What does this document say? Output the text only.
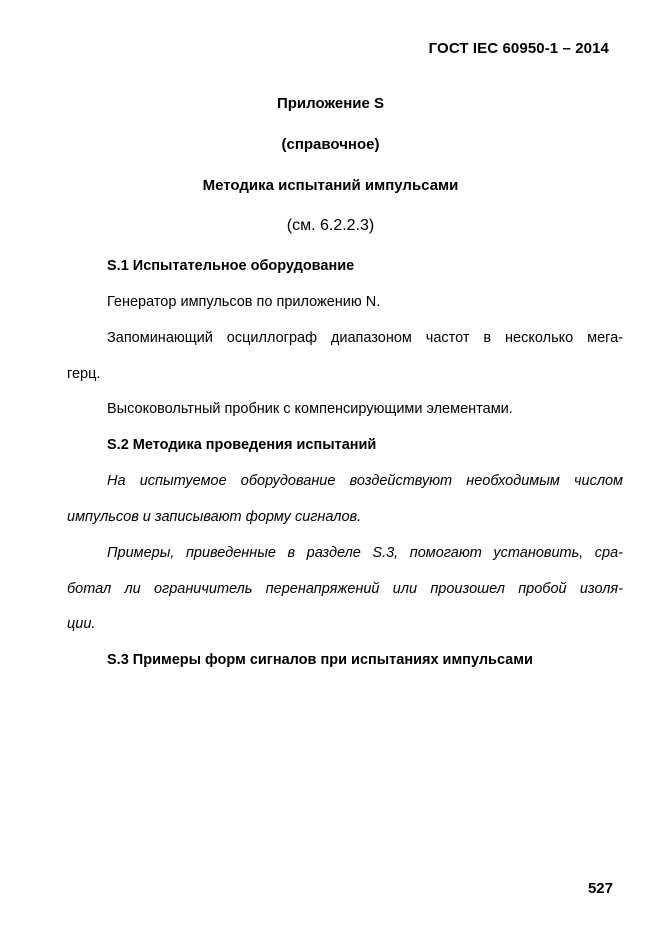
ГОСТ IEC 60950-1 – 2014
Приложение S
(справочное)
Методика испытаний импульсами
(см. 6.2.2.3)
S.1 Испытательное оборудование
Генератор импульсов по приложению N.
Запоминающий осциллограф диапазоном частот в несколько мега-
герц.
Высоковольтный пробник с компенсирующими элементами.
S.2 Методика проведения испытаний
На испытуемое оборудование воздействуют необходимым числом
импульсов и записывают форму сигналов.
Примеры, приведенные в разделе S.3, помогают установить, сра-
ботал ли ограничитель перенапряжений или произошел пробой изоля-
ции.
S.3 Примеры форм сигналов при испытаниях импульсами
527
